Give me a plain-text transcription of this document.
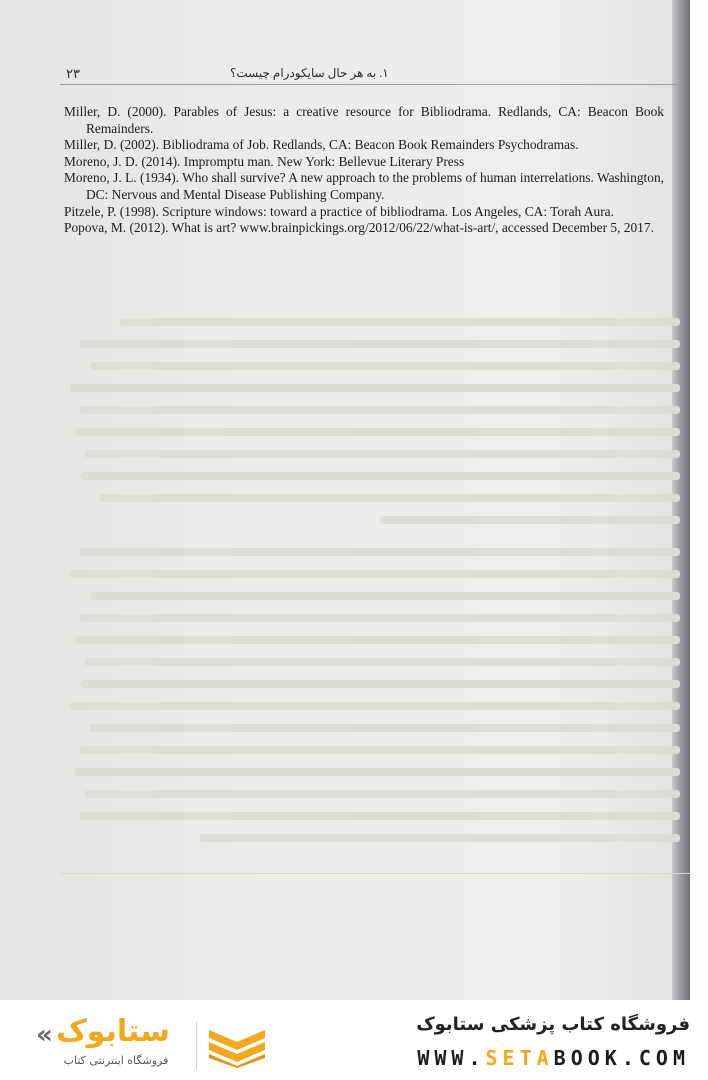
۲۳	۱. به هر حال سایکودرام چیست؟

Miller, D. (2000). Parables of Jesus: a creative resource for Bibliodrama. Redlands, CA: Beacon Book Remainders.

Miller, D. (2002). Bibliodrama of Job. Redlands, CA: Beacon Book Remainders Psychodramas.

Moreno, J. D. (2014). Impromptu man. New York: Bellevue Literary Press

Moreno, J. L. (1934). Who shall survive? A new approach to the problems of human interrelations. Washington, DC: Nervous and Mental Disease Publishing Company.

Pitzele, P. (1998). Scripture windows: toward a practice of bibliodrama. Los Angeles, CA: Torah Aura.

Popova, M. (2012). What is art? www.brainpickings.org/2012/06/22/what-is-art/, accessed December 5, 2017.

« ستابوک
فروشگاه اینترنتی کتاب
فروشگاه کتاب پزشکی ستابوک
WWW.SETABOOK.COM
